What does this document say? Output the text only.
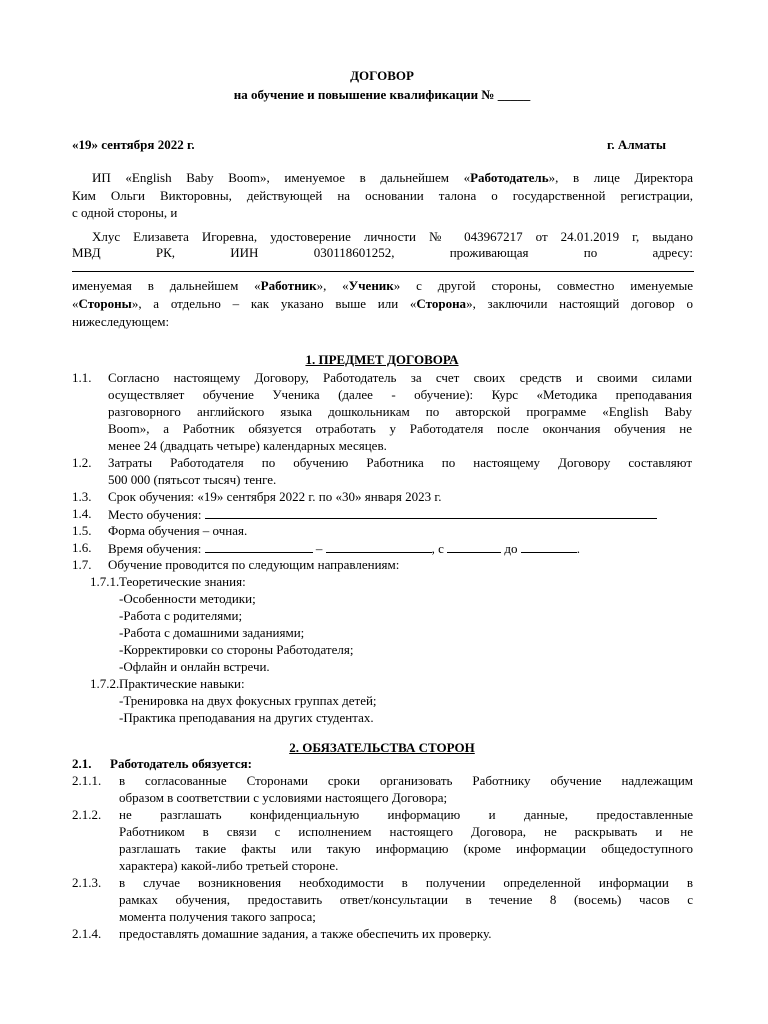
ДОГОВОР
на обучение и повышение квалификации № _____
«19» сентября 2022 г.	г. Алматы
ИП «English Baby Boom», именуемое в дальнейшем «Работодатель», в лице Директора
Ким Ольги Викторовны, действующей на основании талона о государственной регистрации,
с одной стороны, и
Хлус Елизавета Игоревна, удостоверение личности № 043967217 от 24.01.2019 г, выдано
МВД	РК,	ИИН	030118601252,	проживающая	по	адресу:
именуемая в дальнейшем «Работник», «Ученик» с другой стороны, совместно именуемые
«Стороны», а отдельно – как указано выше или «Сторона», заключили настоящий договор о
нижеследующем:
1. ПРЕДМЕТ ДОГОВОРА
1.1. Согласно настоящему Договору, Работодатель за счет своих средств и своими силами
осуществляет обучение Ученика (далее - обучение): Курс «Методика преподавания
разговорного английского языка дошкольникам по авторской программе «English Baby
Boom», а Работник обязуется отработать у Работодателя после окончания обучения не
менее 24 (двадцать четыре) календарных месяцев.
1.2. Затраты Работодателя по обучению Работника по настоящему Договору составляют
500 000 (пятьсот тысяч) тенге.
1.3. Срок обучения: «19» сентября 2022 г. по «30» января 2023 г.
1.4. Место обучения:
1.5. Форма обучения – очная.
1.6. Время обучения:	–	, с	до	.
1.7. Обучение проводится по следующим направлениям:
1.7.1. Теоретические знания:
-Особенности методики;
-Работа с родителями;
-Работа с домашними заданиями;
-Корректировки со стороны Работодателя;
-Офлайн и онлайн встречи.
1.7.2. Практические навыки:
-Тренировка на двух фокусных группах детей;
-Практика преподавания на других студентах.
2. ОБЯЗАТЕЛЬСТВА СТОРОН
2.1. Работодатель обязуется:
2.1.1. в согласованные Сторонами сроки организовать Работнику обучение надлежащим
образом в соответствии с условиями настоящего Договора;
2.1.2. не разглашать конфиденциальную информацию и данные, предоставленные
Работником в связи с исполнением настоящего Договора, не раскрывать и не
разглашать такие факты или такую информацию (кроме информации общедоступного
характера) какой-либо третьей стороне.
2.1.3. в случае возникновения необходимости в получении определенной информации в
рамках обучения, предоставить ответ/консультации в течение 8 (восемь) часов с
момента получения такого запроса;
2.1.4. предоставлять домашние задания, а также обеспечить их проверку.
